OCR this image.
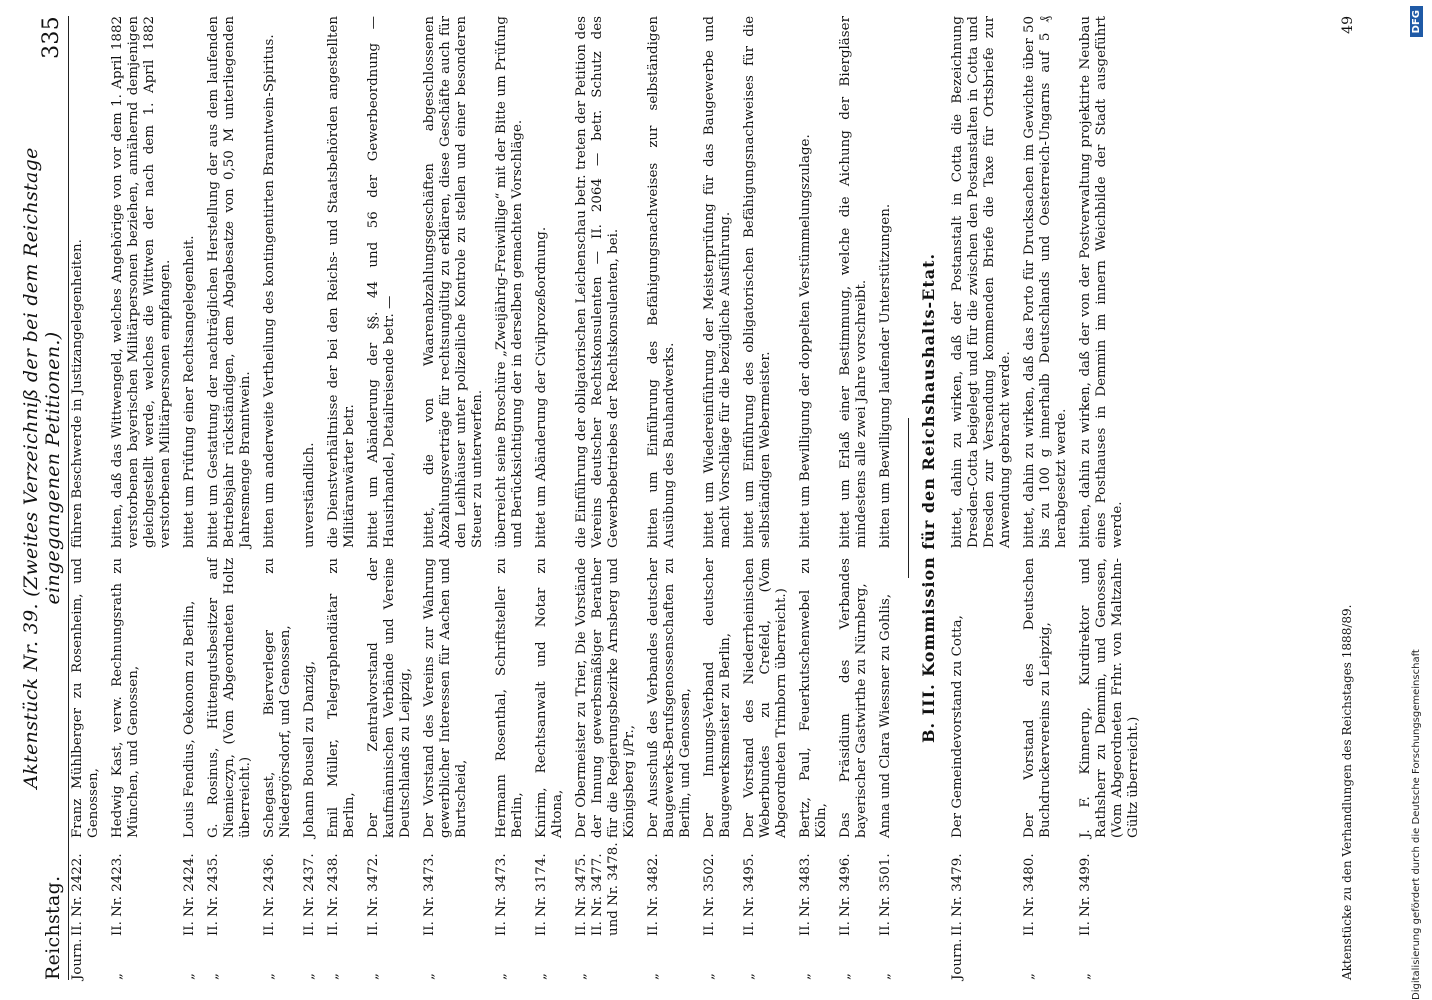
Reichstag.
Aktenstück Nr. 39. (Zweites Verzeichniß der bei dem Reichstage eingegangenen Petitionen.)
335
Journ.
II. Nr. 2422.
Franz Mühlberger zu Rosenheim, und Genossen,
führen Beschwerde in Justizangelegenheiten.
„
II. Nr. 2423.
Hedwig Kast, verw. Rechnungsrath zu München, und Genossen,
bitten, daß das Wittwengeld, welches Angehörige von vor dem 1. April 1882 verstorbenen bayerischen Militärpersonen beziehen, annähernd demjenigen gleichgestellt werde, welches die Wittwen der nach dem 1. April 1882 verstorbenen Militärpersonen empfangen.
„
II. Nr. 2424.
Louis Fendius, Oekonom zu Berlin,
bittet um Prüfung einer Rechtsangelegenheit.
„
II. Nr. 2435.
G. Rosinus, Hüttengutsbesitzer auf Niemieczyn, (Vom Abgeordneten Holtz überreicht.)
bittet um Gestattung der nachträglichen Herstellung der aus dem laufenden Betriebsjahr rückständigen, dem Abgabesatze von 0,50 M unterliegenden Jahresmenge Branntwein.
„
II. Nr. 2436.
Schegast, Bierverleger zu Niedergörsdorf, und Genossen,
bitten um anderweite Vertheilung des kontingentirten Branntwein-Spiritus.
„
II. Nr. 2437.
Johann Bousell zu Danzig,
unverständlich.
„
II. Nr. 2438.
Emil Müller, Telegraphendiätar zu Berlin,
die Dienstverhältnisse der bei den Reichs- und Staatsbehörden angestellten Militäranwärter betr.
„
II. Nr. 3472.
Der Zentralvorstand der kaufmännischen Verbände und Vereine Deutschlands zu Leipzig,
bittet um Abänderung der §§. 44 und 56 der Gewerbeordnung — Hausirhandel, Detailreisende betr. —
„
II. Nr. 3473.
Der Vorstand des Vereins zur Wahrung gewerblicher Interessen für Aachen und Burtscheid,
bittet, die von Waarenabzahlungsgeschäften abgeschlossenen Abzahlungsverträge für rechtsungültig zu erklären, diese Geschäfte auch für den Leihhäuser unter polizeiliche Kontrole zu stellen und einer besonderen Steuer zu unterwerfen.
„
II. Nr. 3473.
Hermann Rosenthal, Schriftsteller zu Berlin,
überreicht seine Broschüre „Zweijährig-Freiwillige“ mit der Bitte um Prüfung und Berücksichtigung der in derselben gemachten Vorschläge.
„
II. Nr. 3174.
Knirim, Rechtsanwalt und Notar zu Altona,
bittet um Abänderung der Civilprozeßordnung.
„
II. Nr. 3475. II. Nr. 3477. und Nr. 3478.
Der Obermeister zu Trier, Die Vorstände der Innung gewerbsmäßiger Berather für die Regierungsbezirke Arnsberg und Königsberg i/Pr.,
die Einführung der obligatorischen Leichenschau betr. treten der Petition des Vereins deutscher Rechtskonsulenten — II. 2064 — betr. Schutz des Gewerbebetriebes der Rechtskonsulenten, bei.
„
II. Nr. 3482.
Der Ausschuß des Verbandes deutscher Baugewerks-Berufsgenossenschaften zu Berlin, und Genossen,
bitten um Einführung des Befähigungsnachweises zur selbständigen Ausübung des Bauhandwerks.
„
II. Nr. 3502.
Der Innungs-Verband deutscher Baugewerksmeister zu Berlin,
bittet um Wiedereinführung der Meisterprüfung für das Baugewerbe und macht Vorschläge für die bezügliche Ausführung.
„
II. Nr. 3495.
Der Vorstand des Niederrheinischen Weberbundes zu Crefeld, (Vom Abgeordneten Trimborn überreicht.)
bittet um Einführung des obligatorischen Befähigungsnachweises für die selbständigen Webermeister.
„
II. Nr. 3483.
Bertz, Paul, Feuerkutschenwebel zu Köln,
bittet um Bewilligung der doppelten Verstümmelungszulage.
„
II. Nr. 3496.
Das Präsidium des Verbandes bayerischer Gastwirthe zu Nürnberg,
bittet um Erlaß einer Bestimmung, welche die Aichung der Biergläser mindestens alle zwei Jahre vorschreibt.
„
II. Nr. 3501.
Anna und Clara Wiessner zu Gohlis,
bitten um Bewilligung laufender Unterstützungen.	B. III. Kommission für den Reichshaushalts-Etat.
Journ.
II. Nr. 3479.
Der Gemeindevorstand zu Cotta,
bittet, dahin zu wirken, daß der Postanstalt in Cotta die Bezeichnung Dresden-Cotta beigelegt und für die zwischen den Postanstalten in Cotta und Dresden zur Versendung kommenden Briefe die Taxe für Ortsbriefe zur Anwendung gebracht werde.
„
II. Nr. 3480.
Der Vorstand des Deutschen Buchdruckervereins zu Leipzig,
bittet, dahin zu wirken, daß das Porto für Drucksachen im Gewichte über 50 bis zu 100 g innerhalb Deutschlands und Oesterreich-Ungarns auf 5 ₰ herabgesetzt werde.
„
II. Nr. 3499.
J. F. Kinnerup, Kurdirektor und Rathsherr zu Demmin, und Genossen, (Vom Abgeordneten Frhr. von Maltzahn-Gültz überreicht.)
bitten, dahin zu wirken, daß der von der Postverwaltung projektirte Neubau eines Posthauses in Demmin im innern Weichbilde der Stadt ausgeführt werde.
Aktenstücke zu den Verhandlungen des Reichstages 1888/89.
49
Digitalisierung gefördert durch die Deutsche Forschungsgemeinschaft
DFG
